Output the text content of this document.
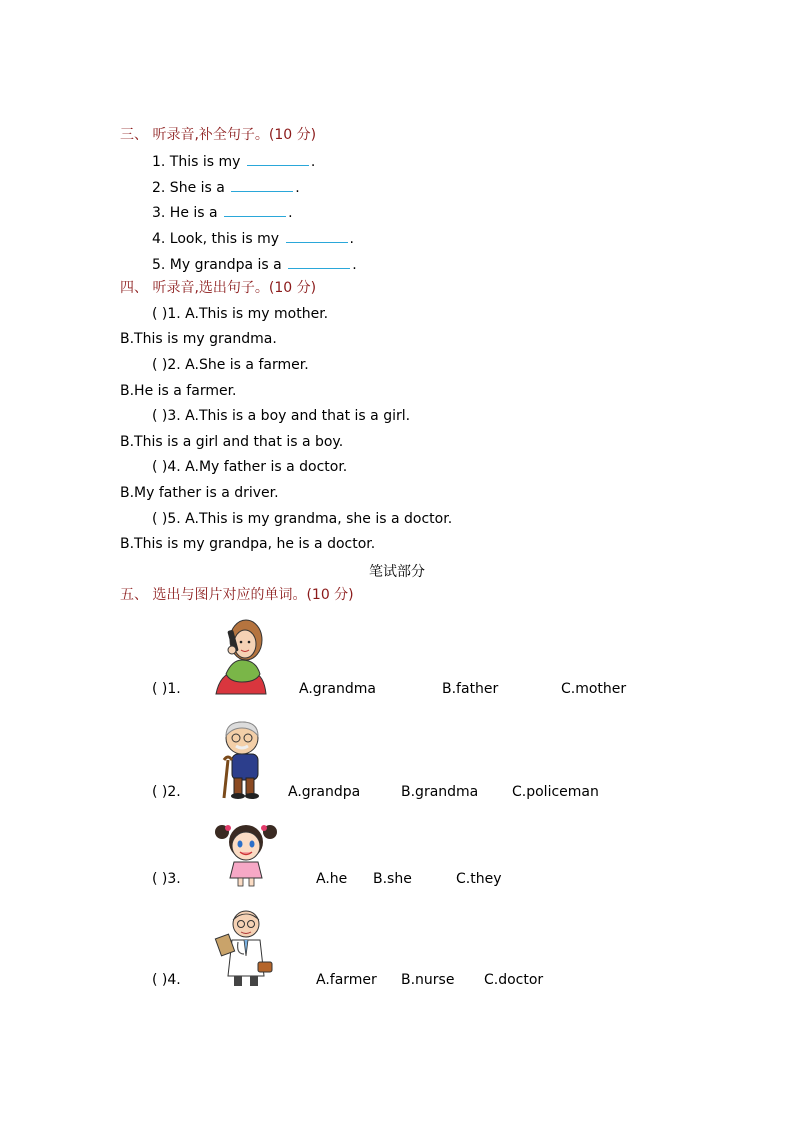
三、 听录音,补全句子。(10 分)
1. This is my	.
2. She is a	.
3. He is a	.
4. Look, this is my	.
5. My grandpa is a	.
四、 听录音,选出句子。(10 分)
( )1. A.This is my mother.
B.This is my grandma.
( )2. A.She is a farmer.
B.He is a farmer.
( )3. A.This is a boy and that is a girl.
B.This is a girl and that is a boy.
( )4. A.My father is a doctor.
B.My father is a driver.
( )5. A.This is my grandma, she is a doctor.
B.This is my grandpa, he is a doctor.
笔试部分
五、 选出与图片对应的单词。(10 分)
( )1.	A.grandma	B.father	C.mother
( )2.	A.grandpa	B.grandma C.policeman
( )3.	A.he B.she	C.they
( )4.	A.farmer B.nurse C.doctor
